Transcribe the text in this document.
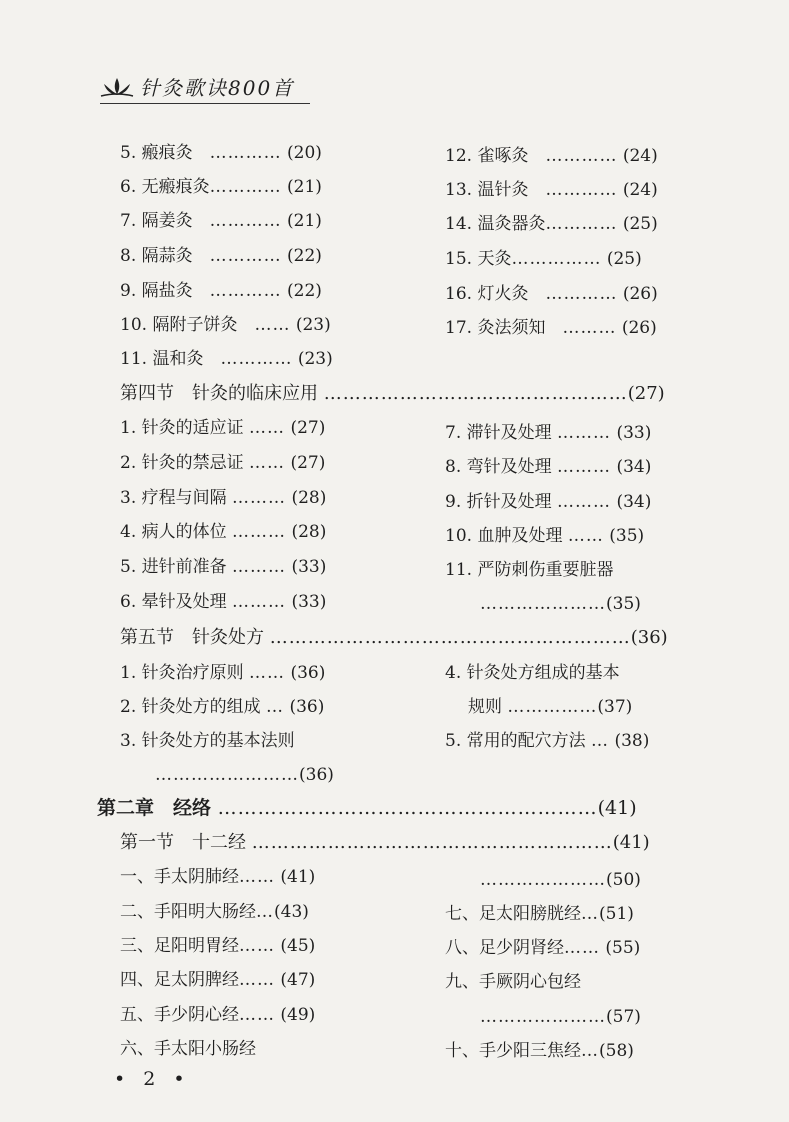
针灸歌诀800首
5. 瘢痕灸　 ………… (20)
6. 无瘢痕灸………… (21)
7. 隔姜灸　 ………… (21)
8. 隔蒜灸　 ………… (22)
9. 隔盐灸　 ………… (22)
10. 隔附子饼灸　 …… (23)
11. 温和灸　 ………… (23)
12. 雀啄灸　 ………… (24)
13. 温针灸　 ………… (24)
14. 温灸器灸………… (25)
15. 天灸…………… (25)
16. 灯火灸　 ………… (26)
17. 灸法须知　 ……… (26)
第四节　针灸的临床应用 …………………………………………(27)
1. 针灸的适应证 …… (27)
2. 针灸的禁忌证 …… (27)
3. 疗程与间隔 ……… (28)
4. 病人的体位 ……… (28)
5. 进针前准备 ……… (33)
6. 晕针及处理 ……… (33)
7. 滞针及处理 ……… (33)
8. 弯针及处理 ……… (34)
9. 折针及处理 ……… (34)
10. 血肿及处理 …… (35)
11. 严防刺伤重要脏器
…………………(35)
第五节　针灸处方 …………………………………………………(36)
1. 针灸治疗原则 …… (36)
2. 针灸处方的组成 … (36)
3. 针灸处方的基本法则
……………………(36)
4. 针灸处方组成的基本
规则 ……………(37)
5. 常用的配穴方法 … (38)
第二章　经络 …………………………………………………(41)
第一节　十二经 …………………………………………………(41)
一、手太阴肺经…… (41)
二、手阳明大肠经…(43)
三、足阳明胃经…… (45)
四、足太阴脾经…… (47)
五、手少阴心经…… (49)
六、手太阳小肠经
…………………(50)
七、足太阳膀胱经…(51)
八、足少阴肾经…… (55)
九、手厥阴心包经
…………………(57)
十、手少阳三焦经…(58)
• 2 •
